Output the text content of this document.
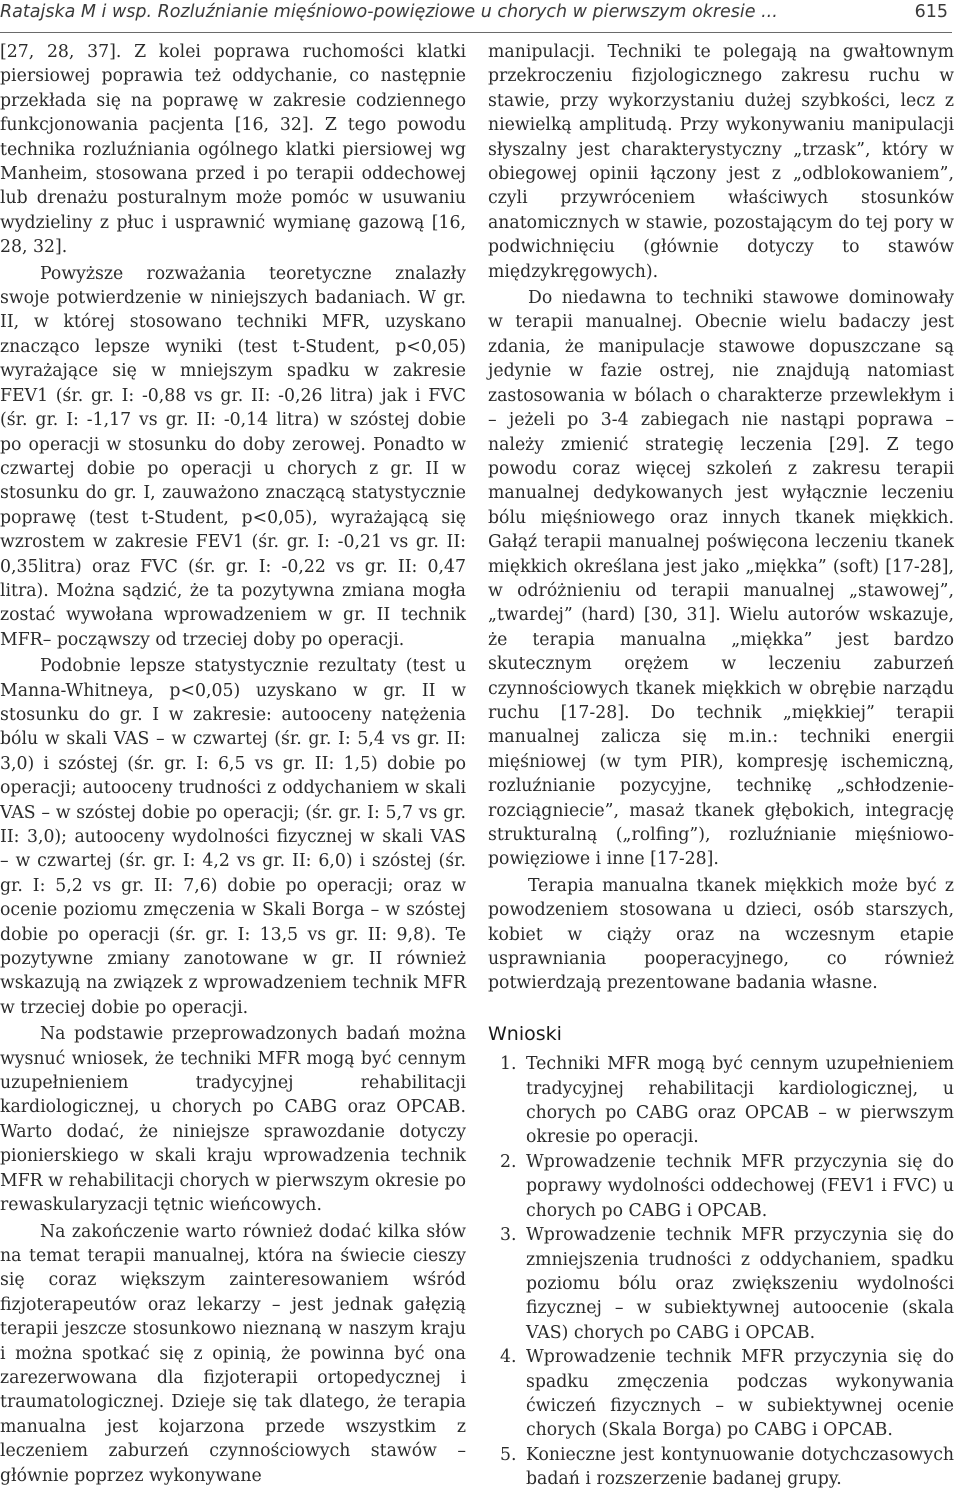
Ratajska M i wsp. Rozluźnianie mięśniowo-powięziowe u chorych w pierwszym okresie ...	615

[27, 28, 37]. Z kolei poprawa ruchomości klatki piersiowej poprawia też oddychanie, co następnie przekłada się na poprawę w zakresie codziennego funkcjonowania pacjenta [16, 32]. Z tego powodu technika rozluźniania ogólnego klatki piersiowej wg Manheim, stosowana przed i po terapii oddechowej lub drenażu posturalnym może pomóc w usuwaniu wydzieliny z płuc i usprawnić wymianę gazową [16, 28, 32].

Powyższe rozważania teoretyczne znalazły swoje potwierdzenie w niniejszych badaniach. W gr. II, w której stosowano techniki MFR, uzyskano znacząco lepsze wyniki (test t-Student, p<0,05) wyrażające się w mniejszym spadku w zakresie FEV1 (śr. gr. I: -0,88 vs gr. II: -0,26 litra) jak i FVC (śr. gr. I: -1,17 vs gr. II: -0,14 litra) w szóstej dobie po operacji w stosunku do doby zerowej. Ponadto w czwartej dobie po operacji u chorych z gr. II w stosunku do gr. I, zauważono znaczącą statystycznie poprawę (test t-Student, p<0,05), wyrażającą się wzrostem w zakresie FEV1 (śr. gr. I: -0,21 vs gr. II: 0,35litra) oraz FVC (śr. gr. I: -0,22 vs gr. II: 0,47 litra). Można sądzić, że ta pozytywna zmiana mogła zostać wywołana wprowadzeniem w gr. II technik MFR– począwszy od trzeciej doby po operacji.

Podobnie lepsze statystycznie rezultaty (test u Manna-Whitneya, p<0,05) uzyskano w gr. II w stosunku do gr. I w zakresie: autooceny natężenia bólu w skali VAS – w czwartej (śr. gr. I: 5,4 vs gr. II: 3,0) i szóstej (śr. gr. I: 6,5 vs gr. II: 1,5) dobie po operacji; autooceny trudności z oddychaniem w skali VAS – w szóstej dobie po operacji; (śr. gr. I: 5,7 vs gr. II: 3,0); autooceny wydolności fizycznej w skali VAS – w czwartej (śr. gr. I: 4,2 vs gr. II: 6,0) i szóstej (śr. gr. I: 5,2 vs gr. II: 7,6) dobie po operacji; oraz w ocenie poziomu zmęczenia w Skali Borga – w szóstej dobie po operacji (śr. gr. I: 13,5 vs gr. II: 9,8). Te pozytywne zmiany zanotowane w gr. II również wskazują na związek z wprowadzeniem technik MFR w trzeciej dobie po operacji.

Na podstawie przeprowadzonych badań można wysnuć wniosek, że techniki MFR mogą być cennym uzupełnieniem tradycyjnej rehabilitacji kardiologicznej, u chorych po CABG oraz OPCAB. Warto dodać, że niniejsze sprawozdanie dotyczy pionierskiego w skali kraju wprowadzenia technik MFR w rehabilitacji chorych w pierwszym okresie po rewaskularyzacji tętnic wieńcowych.

Na zakończenie warto również dodać kilka słów na temat terapii manualnej, która na świecie cieszy się coraz większym zainteresowaniem wśród fizjoterapeutów oraz lekarzy – jest jednak gałęzią terapii jeszcze stosunkowo nieznaną w naszym kraju i można spotkać się z opinią, że powinna być ona zarezerwowana dla fizjoterapii ortopedycznej i traumatologicznej. Dzieje się tak dlatego, że terapia manualna jest kojarzona przede wszystkim z leczeniem zaburzeń czynnościowych stawów – głównie poprzez wykonywane

manipulacji. Techniki te polegają na gwałtownym przekroczeniu fizjologicznego zakresu ruchu w stawie, przy wykorzystaniu dużej szybkości, lecz z niewielką amplitudą. Przy wykonywaniu manipulacji słyszalny jest charakterystyczny „trzask”, który w obiegowej opinii łączony jest z „odblokowaniem”, czyli przywróceniem właściwych stosunków anatomicznych w stawie, pozostającym do tej pory w podwichnięciu (głównie dotyczy to stawów międzykręgowych).

Do niedawna to techniki stawowe dominowały w terapii manualnej. Obecnie wielu badaczy jest zdania, że manipulacje stawowe dopuszczane są jedynie w fazie ostrej, nie znajdują natomiast zastosowania w bólach o charakterze przewlekłym i – jeżeli po 3-4 zabiegach nie nastąpi poprawa – należy zmienić strategię leczenia [29]. Z tego powodu coraz więcej szkoleń z zakresu terapii manualnej dedykowanych jest wyłącznie leczeniu bólu mięśniowego oraz innych tkanek miękkich. Gałąź terapii manualnej poświęcona leczeniu tkanek miękkich określana jest jako „miękka” (soft) [17-28], w odróżnieniu od terapii manualnej „stawowej”, „twardej” (hard) [30, 31]. Wielu autorów wskazuje, że terapia manualna „miękka” jest bardzo skutecznym orężem w leczeniu zaburzeń czynnościowych tkanek miękkich w obrębie narządu ruchu [17-28]. Do technik „miękkiej” terapii manualnej zalicza się m.in.: techniki energii mięśniowej (w tym PIR), kompresję ischemiczną, rozluźnianie pozycyjne, technikę „schłodzenie-rozciągniecie”, masaż tkanek głębokich, integrację strukturalną („rolfing”), rozluźnianie mięśniowo-powięziowe i inne [17-28].

Terapia manualna tkanek miękkich może być z powodzeniem stosowana u dzieci, osób starszych, kobiet w ciąży oraz na wczesnym etapie usprawniania pooperacyjnego, co również potwierdzają prezentowane badania własne.

Wnioski
1. Techniki MFR mogą być cennym uzupełnieniem tradycyjnej rehabilitacji kardiologicznej, u chorych po CABG oraz OPCAB – w pierwszym okresie po operacji.
2. Wprowadzenie technik MFR przyczynia się do poprawy wydolności oddechowej (FEV1 i FVC) u chorych po CABG i OPCAB.
3. Wprowadzenie technik MFR przyczynia się do zmniejszenia trudności z oddychaniem, spadku poziomu bólu oraz zwiększeniu wydolności fizycznej – w subiektywnej autoocenie (skala VAS) chorych po CABG i OPCAB.
4. Wprowadzenie technik MFR przyczynia się do spadku zmęczenia podczas wykonywania ćwiczeń fizycznych – w subiektywnej ocenie chorych (Skala Borga) po CABG i OPCAB.
5. Konieczne jest kontynuowanie dotychczasowych badań i rozszerzenie badanej grupy.
